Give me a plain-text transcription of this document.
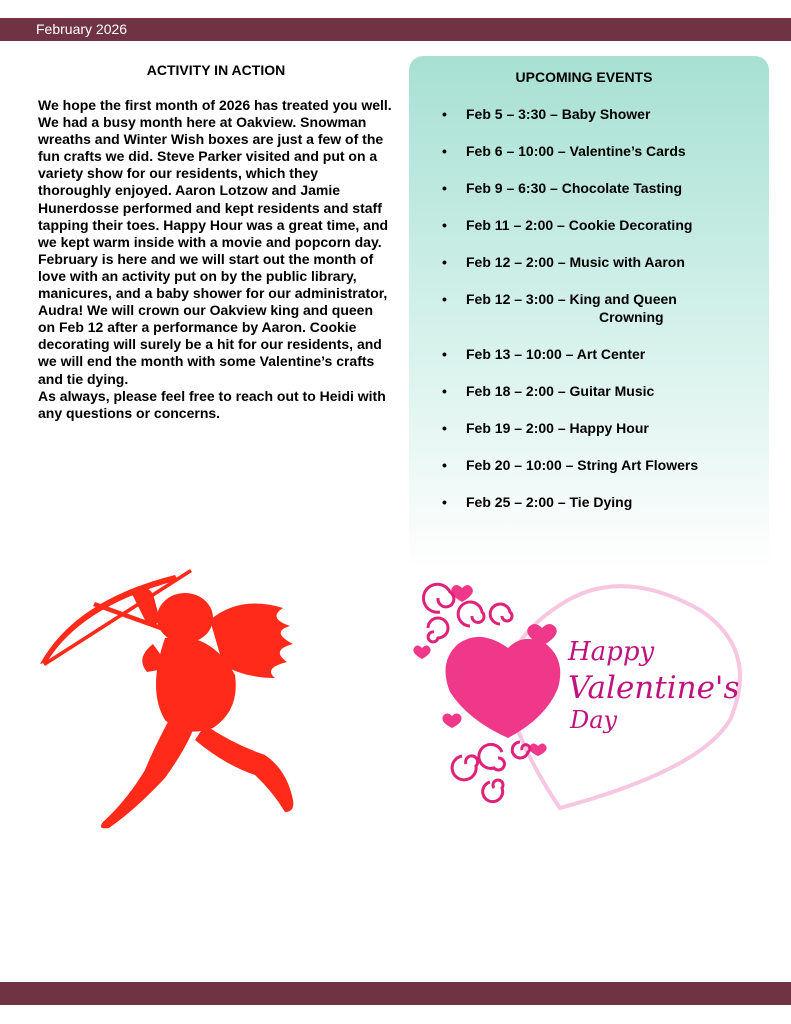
February 2026
ACTIVITY IN ACTION

We hope the first month of 2026 has treated you well. We had a busy month here at Oakview. Snowman wreaths and Winter Wish boxes are just a few of the fun crafts we did. Steve Parker visited and put on a variety show for our residents, which they thoroughly enjoyed. Aaron Lotzow and Jamie Hunerdosse performed and kept residents and staff tapping their toes. Happy Hour was a great time, and we kept warm inside with a movie and popcorn day.

February is here and we will start out the month of love with an activity put on by the public library, manicures, and a baby shower for our administrator, Audra! We will crown our Oakview king and queen on Feb 12 after a performance by Aaron. Cookie decorating will surely be a hit for our residents, and we will end the month with some Valentine’s crafts and tie dying.

As always, please feel free to reach out to Heidi with any questions or concerns.

UPCOMING EVENTS
• Feb 5 – 3:30 – Baby Shower
• Feb 6 – 10:00 – Valentine’s Cards
• Feb 9 – 6:30 – Chocolate Tasting
• Feb 11 – 2:00 – Cookie Decorating
• Feb 12 – 2:00 – Music with Aaron
• Feb 12 – 3:00 – King and Queen
Crowning
• Feb 13 – 10:00 – Art Center
• Feb 18 – 2:00 – Guitar Music
• Feb 19 – 2:00 – Happy Hour
• Feb 20 – 10:00 – String Art Flowers
• Feb 25 – 2:00 – Tie Dying
Happy
Valentine's
Day
